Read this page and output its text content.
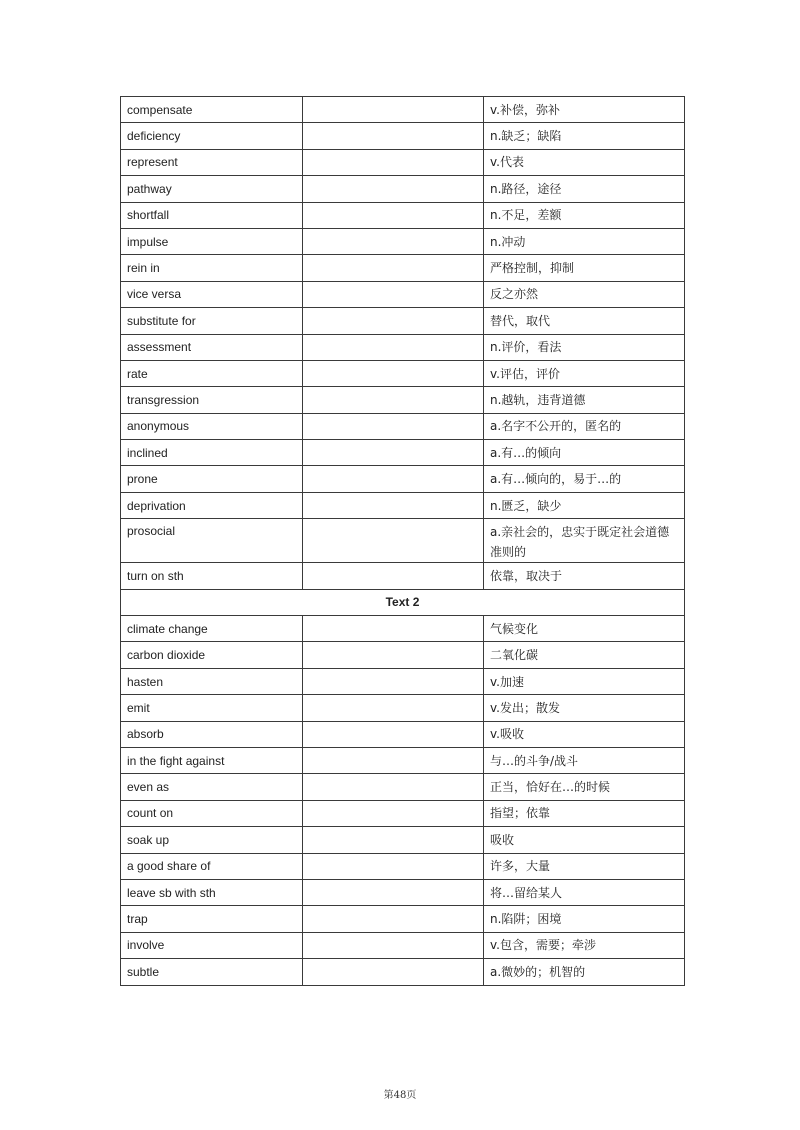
compensate		v.补偿，弥补
deficiency		n.缺乏；缺陷
represent		v.代表
pathway		n.路径，途径
shortfall		n.不足，差额
impulse		n.冲动
rein in		严格控制，抑制
vice versa		反之亦然
substitute for		替代，取代
assessment		n.评价，看法
rate		v.评估，评价
transgression		n.越轨，违背道德
anonymous		a.名字不公开的，匿名的
inclined		a.有…的倾向
prone		a.有…倾向的，易于…的
deprivation		n.匮乏，缺少
prosocial		a.亲社会的，忠实于既定社会道德准则的
turn on sth		依靠，取决于
Text 2		
climate change		气候变化
carbon dioxide		二氧化碳
hasten		v.加速
emit		v.发出；散发
absorb		v.吸收
in the fight against		与…的斗争/战斗
even as		正当，恰好在…的时候
count on		指望；依靠
soak up		吸收
a good share of		许多，大量
leave sb with sth		将…留给某人
trap		n.陷阱；困境
involve		v.包含，需要；牵涉
subtle		a.微妙的；机智的
第48页
